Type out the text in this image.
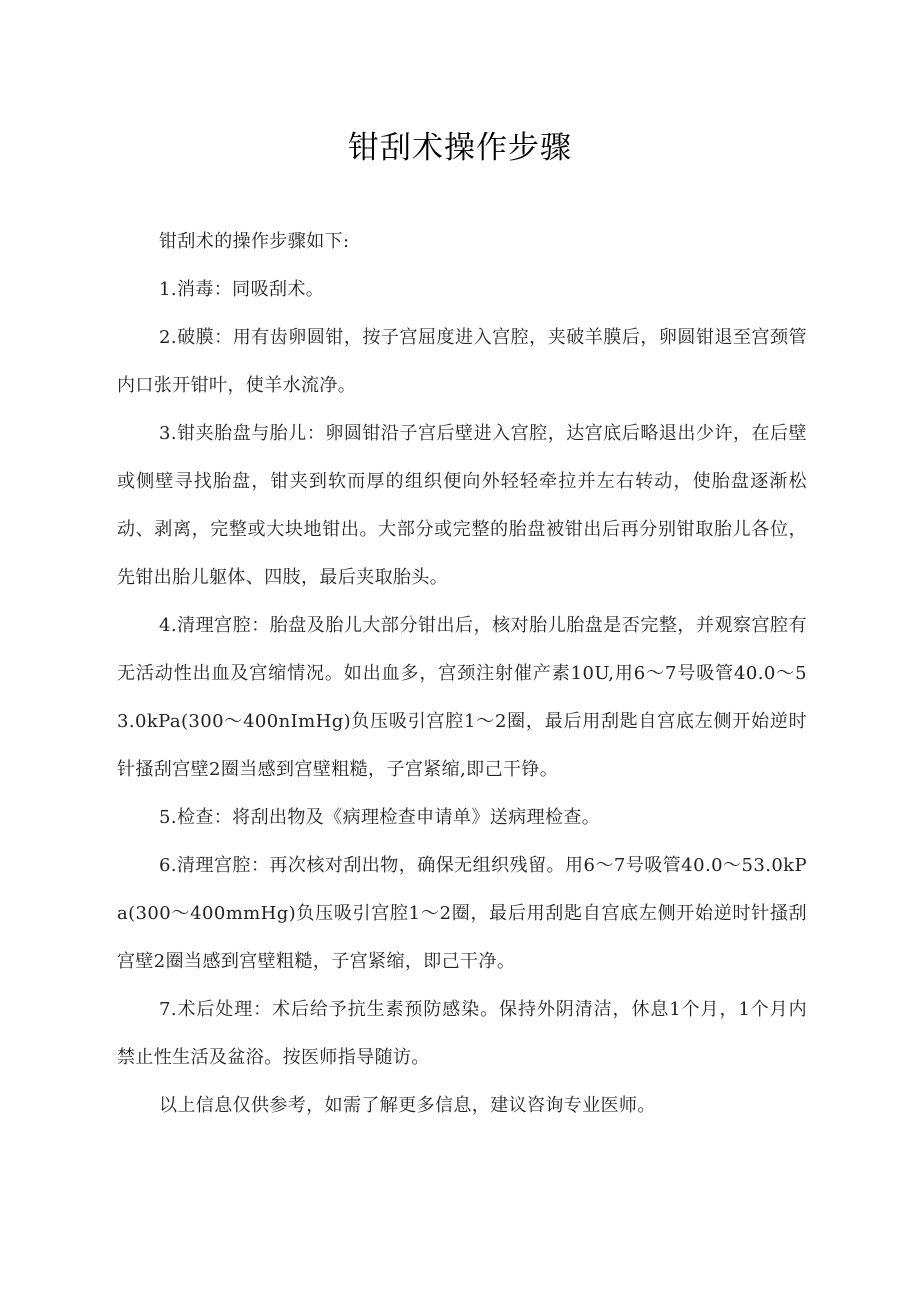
钳刮术操作步骤

钳刮术的操作步骤如下:

1.消毒：同吸刮术。

2.破膜：用有齿卵圆钳，按子宫屈度进入宫腔，夹破羊膜后，卵圆钳退至宫颈管内口张开钳叶，使羊水流净。

3.钳夹胎盘与胎儿：卵圆钳沿子宫后壁进入宫腔，达宫底后略退出少许，在后壁或侧壁寻找胎盘，钳夹到软而厚的组织便向外轻轻牵拉并左右转动，使胎盘逐渐松动、剥离，完整或大块地钳出。大部分或完整的胎盘被钳出后再分别钳取胎儿各位，先钳出胎儿躯体、四肢，最后夹取胎头。

4.清理宫腔：胎盘及胎儿大部分钳出后，核对胎儿胎盘是否完整，并观察宫腔有无活动性出血及宫缩情况。如出血多，宫颈注射催产素10U,用6～7号吸管40.0～53.0kPa(300～400nImHg)负压吸引宫腔1～2圈，最后用刮匙自宫底左侧开始逆时针搔刮宫壁2圈当感到宫壁粗糙，子宫紧缩,即己干铮。

5.检查：将刮出物及《病理检查申请单》送病理检查。

6.清理宫腔：再次核对刮出物，确保无组织残留。用6～7号吸管40.0～53.0kPa(300～400mmHg)负压吸引宫腔1～2圈，最后用刮匙自宫底左侧开始逆时针搔刮宫壁2圈当感到宫壁粗糙，子宫紧缩，即己干净。

7.术后处理：术后给予抗生素预防感染。保持外阴清洁，休息1个月，1个月内禁止性生活及盆浴。按医师指导随访。

以上信息仅供参考，如需了解更多信息，建议咨询专业医师。
